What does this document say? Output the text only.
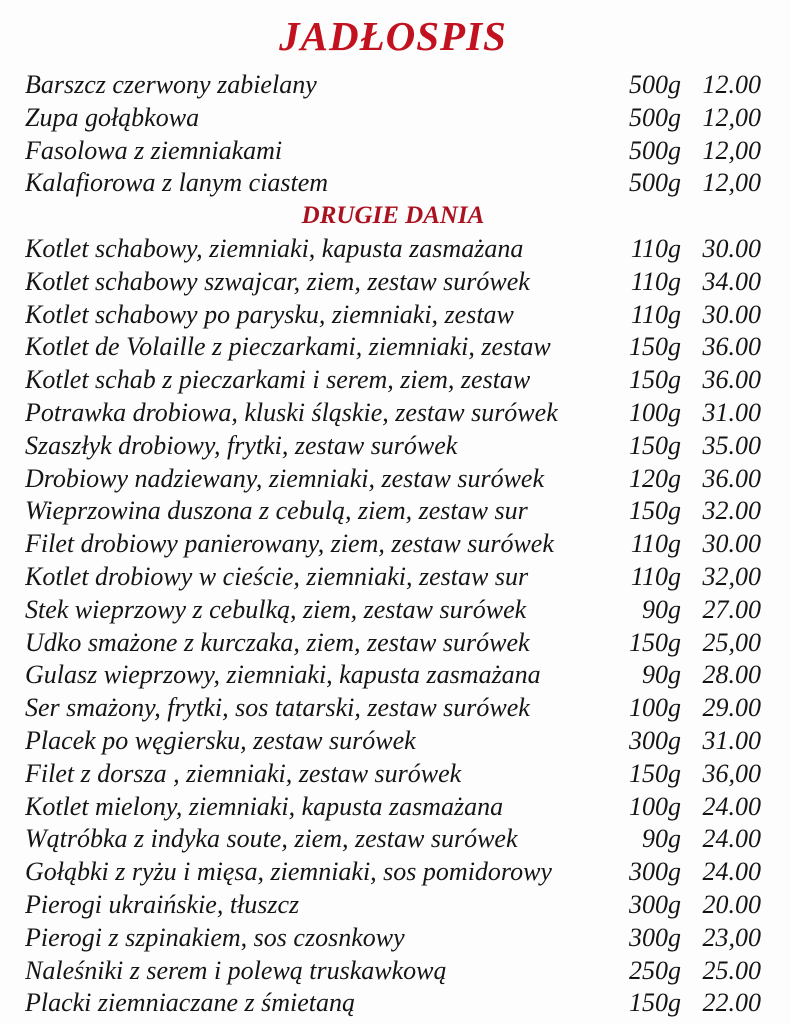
JADŁOSPIS
Barszcz czerwony zabielany	500g 12.00
Zupa gołąbkowa	500g 12,00
Fasolowa z ziemniakami	500g 12,00
Kalafiorowa z lanym ciastem	500g 12,00
DRUGIE DANIA
Kotlet schabowy, ziemniaki, kapusta zasmażana	110g 30.00
Kotlet schabowy szwajcar, ziem, zestaw surówek	110g 34.00
Kotlet schabowy po parysku, ziemniaki, zestaw	110g 30.00
Kotlet de Volaille z pieczarkami, ziemniaki, zestaw	150g 36.00
Kotlet schab z pieczarkami i serem, ziem, zestaw	150g 36.00
Potrawka drobiowa, kluski śląskie, zestaw surówek	100g 31.00
Szaszłyk drobiowy, frytki, zestaw surówek	150g 35.00
Drobiowy nadziewany, ziemniaki, zestaw surówek	120g 36.00
Wieprzowina duszona z cebulą, ziem, zestaw sur	150g 32.00
Filet drobiowy panierowany, ziem, zestaw surówek	110g 30.00
Kotlet drobiowy w cieście, ziemniaki, zestaw sur	110g 32,00
Stek wieprzowy z cebulką, ziem, zestaw surówek	90g 27.00
Udko smażone z kurczaka, ziem, zestaw surówek	150g 25,00
Gulasz wieprzowy, ziemniaki, kapusta zasmażana	90g 28.00
Ser smażony, frytki, sos tatarski, zestaw surówek	100g 29.00
Placek po węgiersku, zestaw surówek	300g 31.00
Filet z dorsza , ziemniaki, zestaw surówek	150g 36,00
Kotlet mielony, ziemniaki, kapusta zasmażana	100g 24.00
Wątróbka z indyka soute, ziem, zestaw surówek	90g 24.00
Gołąbki z ryżu i mięsa, ziemniaki, sos pomidorowy	300g 24.00
Pierogi ukraińskie, tłuszcz	300g 20.00
Pierogi z szpinakiem, sos czosnkowy	300g 23,00
Naleśniki z serem i polewą truskawkową	250g 25.00
Placki ziemniaczane z śmietaną	150g 22.00
